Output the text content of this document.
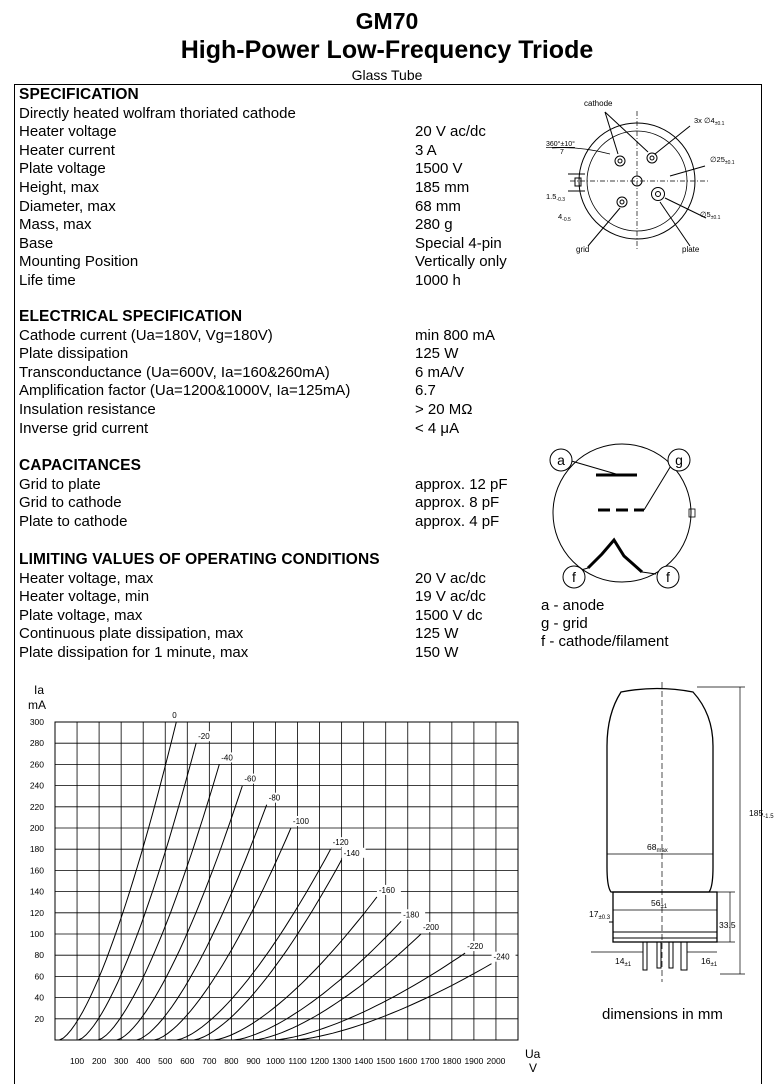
GM70
High-Power Low-Frequency Triode
Glass Tube
SPECIFICATION
Directly heated wolfram thoriated cathode
Heater voltage	20 V ac/dc
Heater current	3 A
Plate voltage	1500 V
Height, max	185 mm
Diameter, max	68 mm
Mass, max	280 g
Base	Special 4-pin
Mounting Position	Vertically only
Life time	1000 h
ELECTRICAL SPECIFICATION
Cathode current (Ua=180V, Vg=180V)	min 800 mA
Plate dissipation	125 W
Transconductance (Ua=600V, Ia=160&260mA)	6 mA/V
Amplification factor (Ua=1200&1000V, Ia=125mA)	6.7
Insulation resistance	> 20 MΩ
Inverse grid current	< 4 μA
CAPACITANCES
Grid to plate	approx. 12 pF
Grid to cathode	approx. 8 pF
Plate to cathode	approx. 4 pF
LIMITING VALUES OF OPERATING CONDITIONS
Heater voltage, max	20 V ac/dc
Heater voltage, min	19 V ac/dc
Plate voltage, max	1500 V dc
Continuous plate dissipation, max	125 W
Plate dissipation for 1 minute, max	150 W
cathode
3x $\emptyset 4_{\pm 0.1}$
360°±10°
7
$\emptyset 25_{\pm 0.1}$
$1.5_{-0.3}$
$4_{-0.5}$
$\emptyset 5_{\pm 0.1}$
grid	plate
a	g
f	f
a - anode
g - grid
f - cathode/filament
100 200 300 400 500 600 700 800 900 1000 1100 1200 1300 1400 1500 1600 1700 1800 1900 2000
20
40
60
80
100
120
140
160
180
200
220
240
260
280
300
Ia
mA
Ua
V
0
-20
-40
-60
-80
-100
-120
-140
-160
-180
-200
-220
-240
$185_{-1.5}$
$68_{max}$
$56_{\pm 1}$
$17_{\pm 0.3}$
33.5
$14_{\pm 1}$	$16_{\pm 1}$
dimensions in mm
